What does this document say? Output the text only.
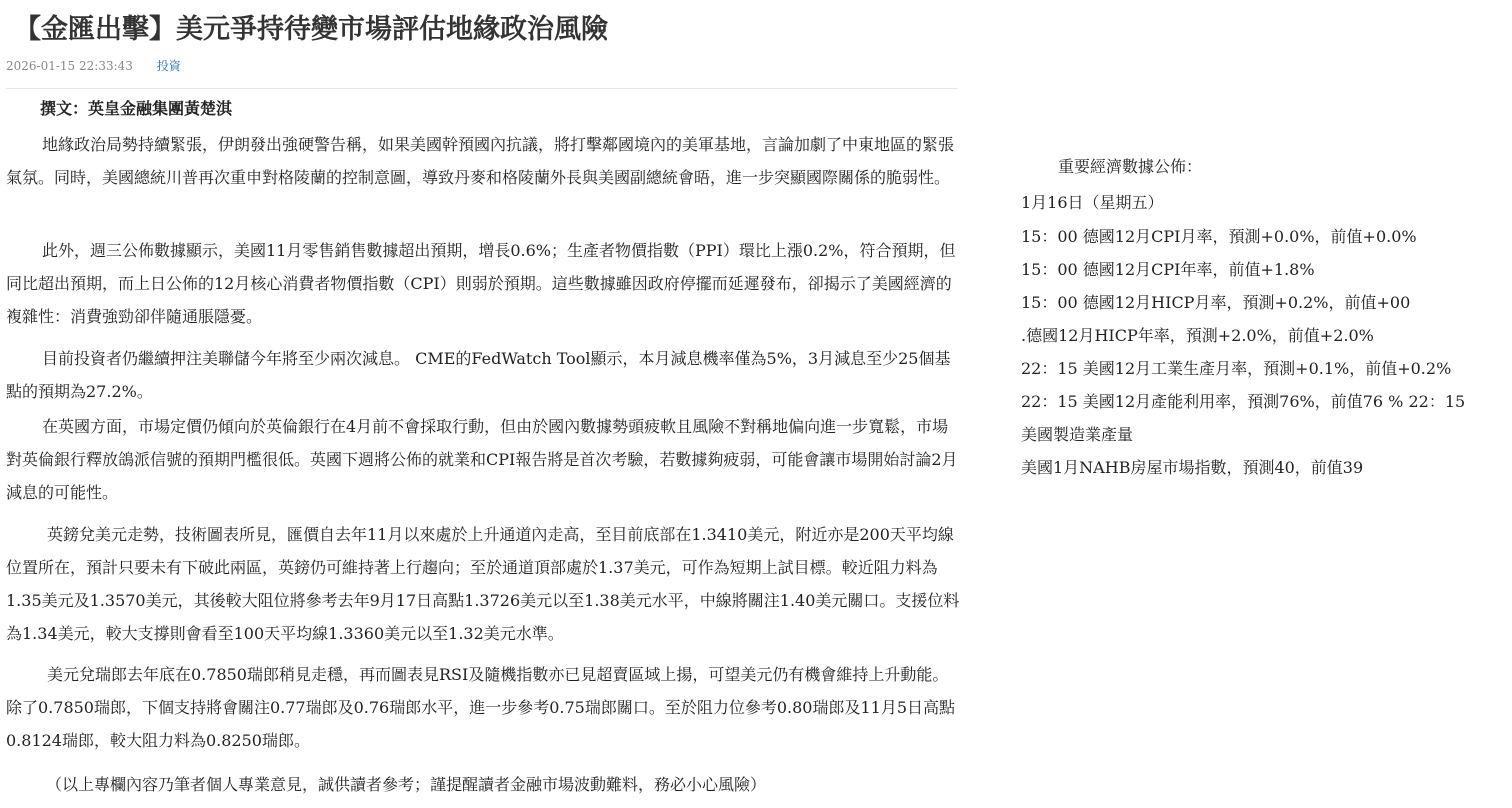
【金匯出擊】美元爭持待變市場評估地緣政治風險
2026-01-15 22:33:43 投資
撰文：英皇金融集團黃楚淇

地緣政治局勢持續緊張，伊朗發出強硬警告稱，如果美國幹預國內抗議，將打擊鄰國境內的美軍基地，言論加劇了中東地區的緊張氣氛。同時，美國總統川普再次重申對格陵蘭的控制意圖，導致丹麥和格陵蘭外長與美國副總統會晤，進一步突顯國際關係的脆弱性。

此外，週三公佈數據顯示，美國11月零售銷售數據超出預期，增長0.6%；生產者物價指數（PPI）環比上漲0.2%，符合預期，但同比超出預期，而上日公佈的12月核心消費者物價指數（CPI）則弱於預期。這些數據雖因政府停擺而延遲發布，卻揭示了美國經濟的複雜性：消費強勁卻伴隨通脹隱憂。

目前投資者仍繼續押注美聯儲今年將至少兩次減息。 CME的FedWatch Tool顯示，本月減息機率僅為5%，3月減息至少25個基點的預期為27.2%。

在英國方面，市場定價仍傾向於英倫銀行在4月前不會採取行動，但由於國內數據勢頭疲軟且風險不對稱地偏向進一步寬鬆，市場對英倫銀行釋放鴿派信號的預期門檻很低。英國下週將公佈的就業和CPI報告將是首次考驗，若數據夠疲弱，可能會讓市場開始討論2月減息的可能性。

英鎊兌美元走勢，技術圖表所見，匯價自去年11月以來處於上升通道內走高，至目前底部在1.3410美元，附近亦是200天平均線位置所在，預計只要未有下破此兩區，英鎊仍可維持著上行趨向；至於通道頂部處於1.37美元，可作為短期上試目標。較近阻力料為1.35美元及1.3570美元，其後較大阻位將參考去年9月17日高點1.3726美元以至1.38美元水平，中線將關注1.40美元關口。支援位料為1.34美元，較大支撐則會看至100天平均線1.3360美元以至1.32美元水準。

美元兌瑞郎去年底在0.7850瑞郎稍見走穩，再而圖表見RSI及隨機指數亦已見超賣區域上揚，可望美元仍有機會維持上升動能。除了0.7850瑞郎，下個支持將會關注0.77瑞郎及0.76瑞郎水平，進一步參考0.75瑞郎關口。至於阻力位參考0.80瑞郎及11月5日高點0.8124瑞郎，較大阻力料為0.8250瑞郎。

（以上專欄內容乃筆者個人專業意見，誠供讀者參考；謹提醒讀者金融市場波動難料，務必小心風險）

重要經濟數據公佈：
1月16日（星期五）
15：00 德國12月CPI月率，預測+0.0%，前值+0.0%
15：00 德國12月CPI年率，前值+1.8%
15：00 德國12月HICP月率，預測+0.2%，前值+00
.德國12月HICP年率，預測+2.0%，前值+2.0%
22：15 美國12月工業生產月率，預測+0.1%，前值+0.2%
22：15 美國12月產能利用率，預測76%，前值76 % 22：15
美國製造業產量
美國1月NAHB房屋市場指數，預測40，前值39
